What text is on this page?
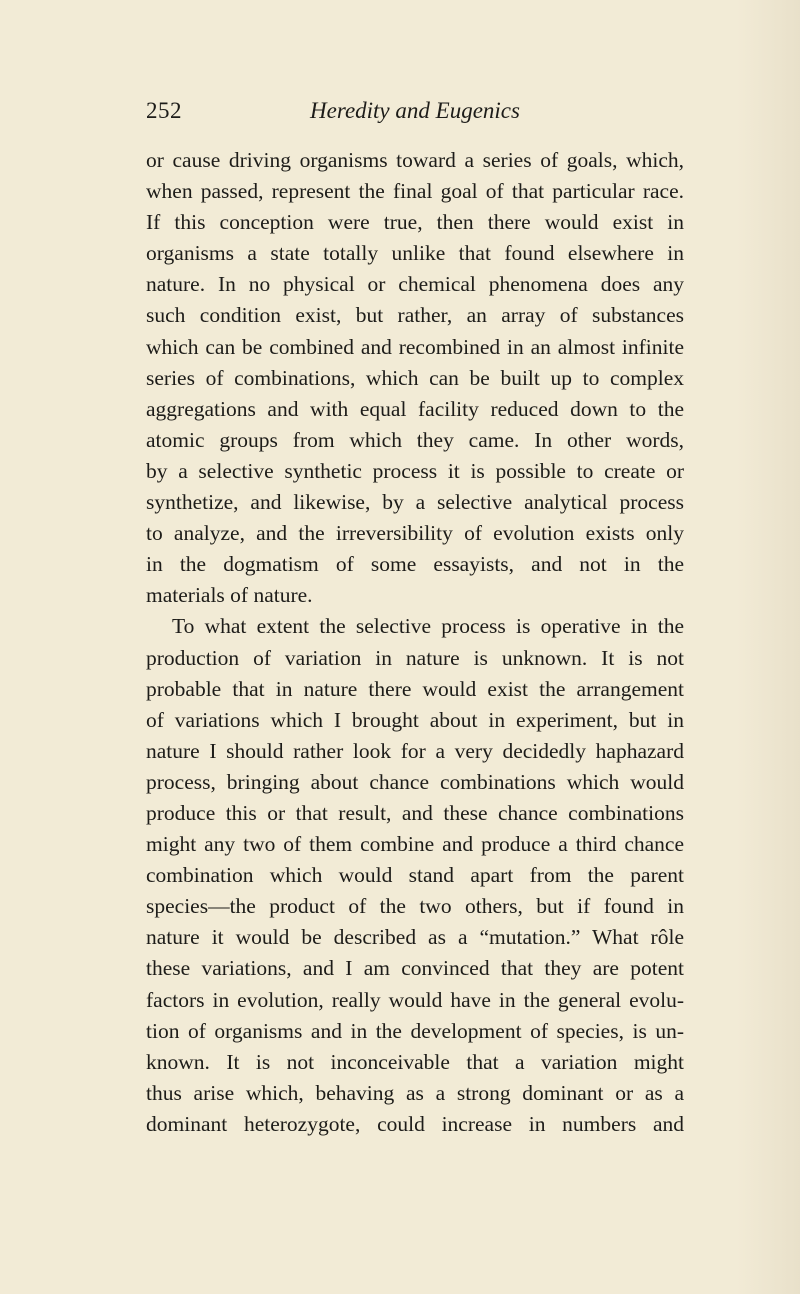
252	Heredity and Eugenics
or cause driving organisms toward a series of goals, which,
when passed, represent the final goal of that particular race.
If this conception were true, then there would exist in
organisms a state totally unlike that found elsewhere in
nature. In no physical or chemical phenomena does any
such condition exist, but rather, an array of substances
which can be combined and recombined in an almost infinite
series of combinations, which can be built up to complex
aggregations and with equal facility reduced down to the
atomic groups from which they came. In other words,
by a selective synthetic process it is possible to create or
synthetize, and likewise, by a selective analytical process
to analyze, and the irreversibility of evolution exists only
in the dogmatism of some essayists, and not in the
materials of nature.
To what extent the selective process is operative in the
production of variation in nature is unknown. It is not
probable that in nature there would exist the arrangement
of variations which I brought about in experiment, but in
nature I should rather look for a very decidedly haphazard
process, bringing about chance combinations which would
produce this or that result, and these chance combinations
might any two of them combine and produce a third chance
combination which would stand apart from the parent
species—the product of the two others, but if found in
nature it would be described as a “mutation.” What rôle
these variations, and I am convinced that they are potent
factors in evolution, really would have in the general evolu-
tion of organisms and in the development of species, is un-
known. It is not inconceivable that a variation might
thus arise which, behaving as a strong dominant or as a
dominant heterozygote, could increase in numbers and
